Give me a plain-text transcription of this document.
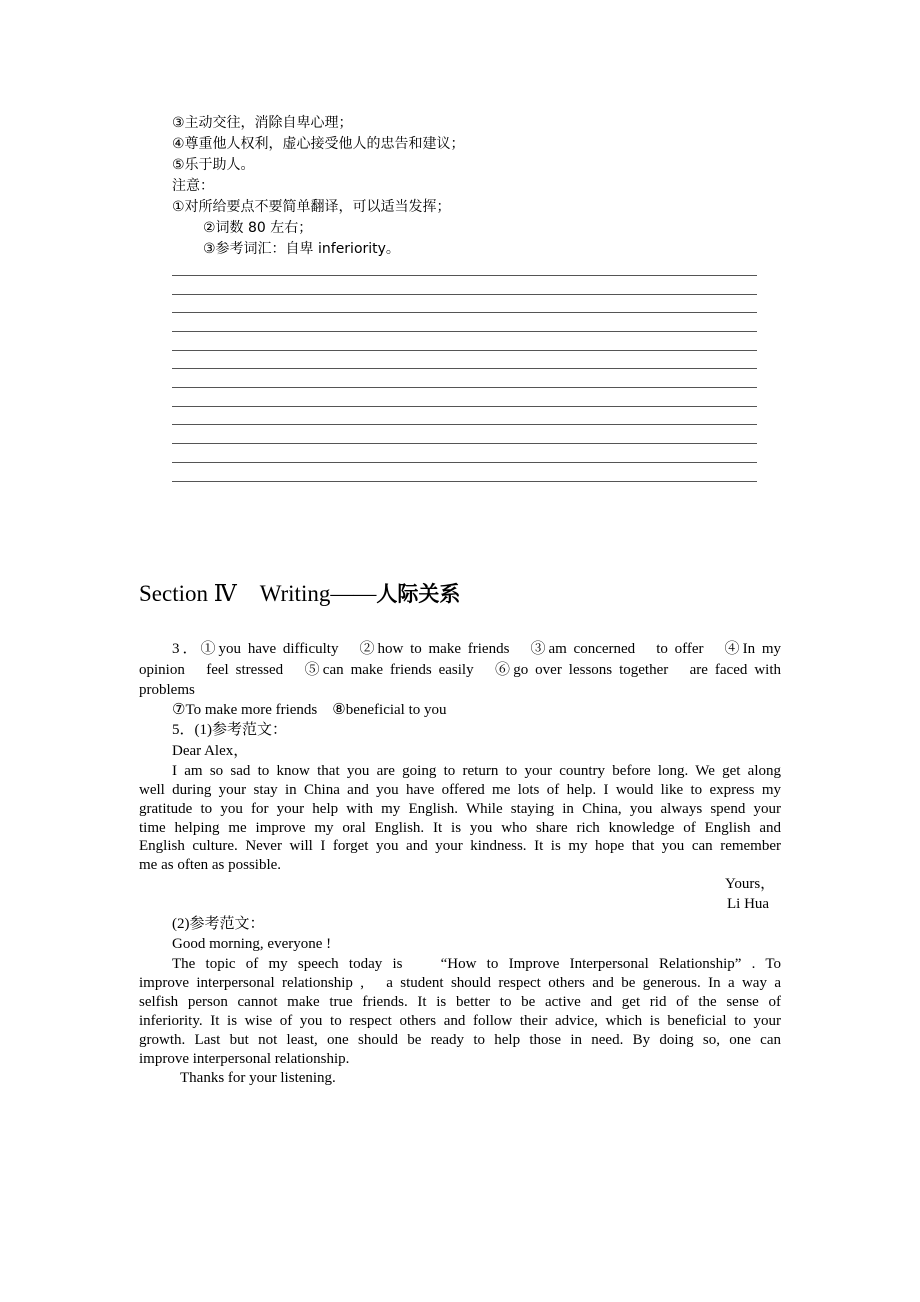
③主动交往，消除自卑心理；
④尊重他人权利，虚心接受他人的忠告和建议；
⑤乐于助人。
注意：
①对所给要点不要简单翻译，可以适当发挥；
②词数 80 左右；
③参考词汇：自卑 inferiority。
Section Ⅳ　Writing——人际关系
3．①you have difficulty　②how to make friends　③am concerned　to offer　④In my
opinion　feel stressed　⑤can make friends easily　⑥go over lessons together　are faced with
problems
⑦To make more friends　⑧beneficial to you
5．(1)参考范文：
Dear Alex，
I am so sad to know that you are going to return to your country before long. We get along
well during your stay in China and you have offered me lots of help. I would like to express my
gratitude to you for your help with my English. While staying in China, you always spend your
time helping me improve my oral English. It is you who share rich knowledge of English and
English culture. Never will I forget you and your kindness. It is my hope that you can remember
me as often as possible.
Yours，
Li Hua
(2)参考范文：
Good morning, everyone !
The topic of my speech today is　 “How to Improve Interpersonal Relationship” . To
improve interpersonal relationship ,　a student should respect others and be generous. In a way a
selfish person cannot make true friends. It is better to be active and get rid of the sense of
inferiority. It is wise of you to respect others and follow their advice, which is beneficial to your
growth. Last but not least, one should be ready to help those in need. By doing so, one can
improve interpersonal relationship.
Thanks for your listening.
